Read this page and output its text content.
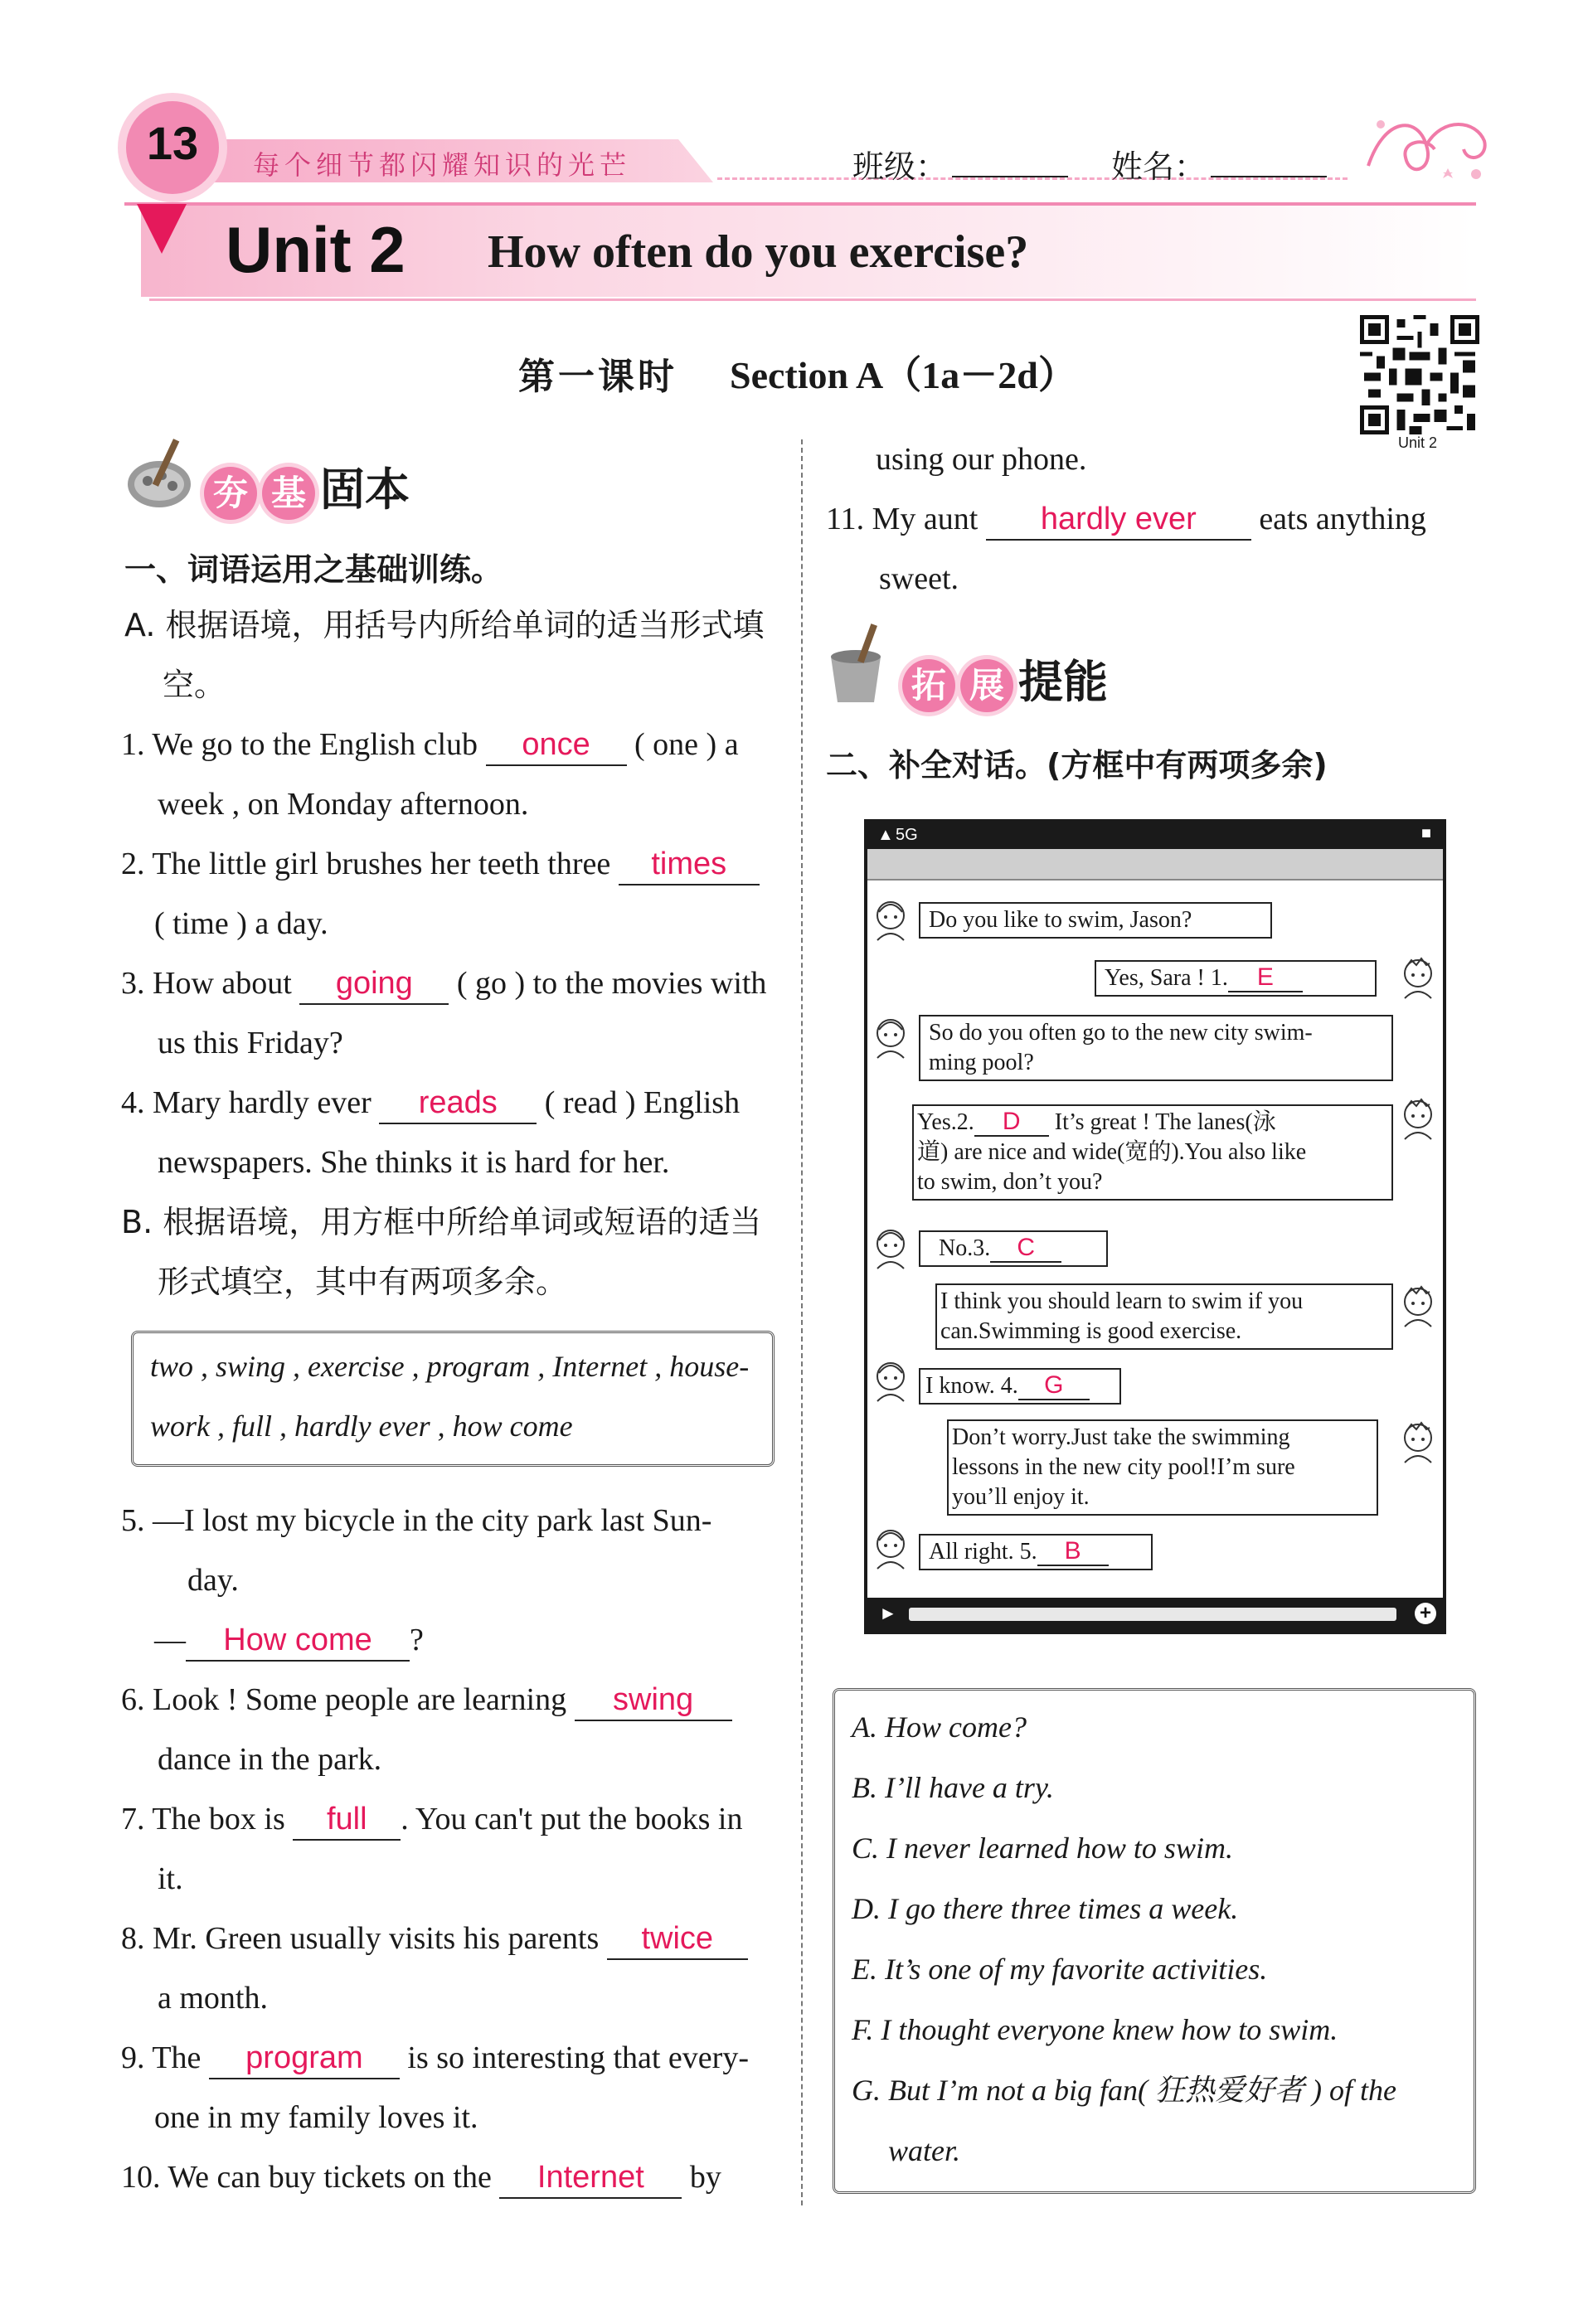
13	每个细节都闪耀知识的光芒	班级：	姓名：
Unit 2 How often do you exercise?
第一课时 Section A（1a－2d）
Unit 2
夯 基 固本
一、词语运用之基础训练。
A. 根据语境，用括号内所给单词的适当形式填
空。
1. We go to the English club once ( one ) a
week , on Monday afternoon.
2. The little girl brushes her teeth three times
( time ) a day.
3. How about going ( go ) to the movies with
us this Friday?
4. Mary hardly ever reads ( read ) English
newspapers. She thinks it is hard for her.
B. 根据语境，用方框中所给单词或短语的适当
形式填空，其中有两项多余。
two , swing , exercise , program , Internet , house-
work , full , hardly ever , how come
5. —I lost my bicycle in the city park last Sun-
day.
— How come ?
6. Look ! Some people are learning swing
dance in the park.
7. The box is full . You can't put the books in
it.
8. Mr. Green usually visits his parents twice
a month.
9. The program is so interesting that every-
one in my family loves it.
10. We can buy tickets on the Internet by
using our phone.
11. My aunt hardly ever eats anything
sweet.
拓 展 提能
二、补全对话。(方框中有两项多余)
▲ 5G	■
Do you like to swim, Jason?
Yes, Sara ! 1. E
So do you often go to the new city swim-
ming pool?
Yes.2. D It’s great ! The lanes(泳
道) are nice and wide(宽的).You also like
to swim, don’t you?
No.3. C
I think you should learn to swim if you
can.Swimming is good exercise.
I know. 4. G
Don’t worry.Just take the swimming
lessons in the new city pool!I’m sure
you’ll enjoy it.
All right. 5. B
►	+
A. How come?
B. I’ll have a try.
C. I never learned how to swim.
D. I go there three times a week.
E. It’s one of my favorite activities.
F. I thought everyone knew how to swim.
G. But I’m not a big fan( 狂热爱好者 ) of the
water.
